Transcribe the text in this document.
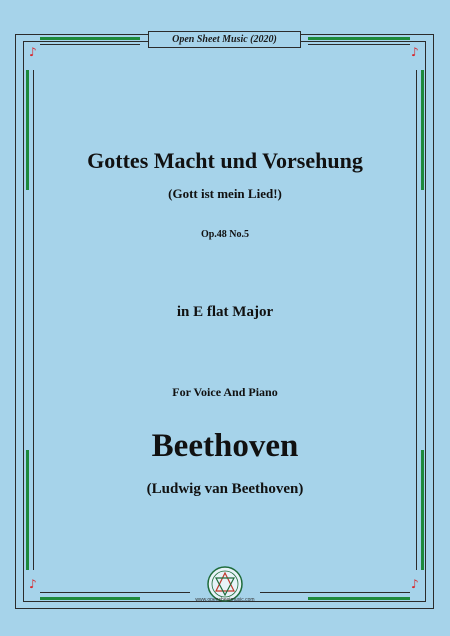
♪	♪
♪	♪
Open Sheet Music (2020)
Gottes Macht und Vorsehung
(Gott ist mein Lied!)
Op.48 No.5
in E flat Major
For Voice And Piano
Beethoven
(Ludwig van Beethoven)
www.opensheetmusic.com
